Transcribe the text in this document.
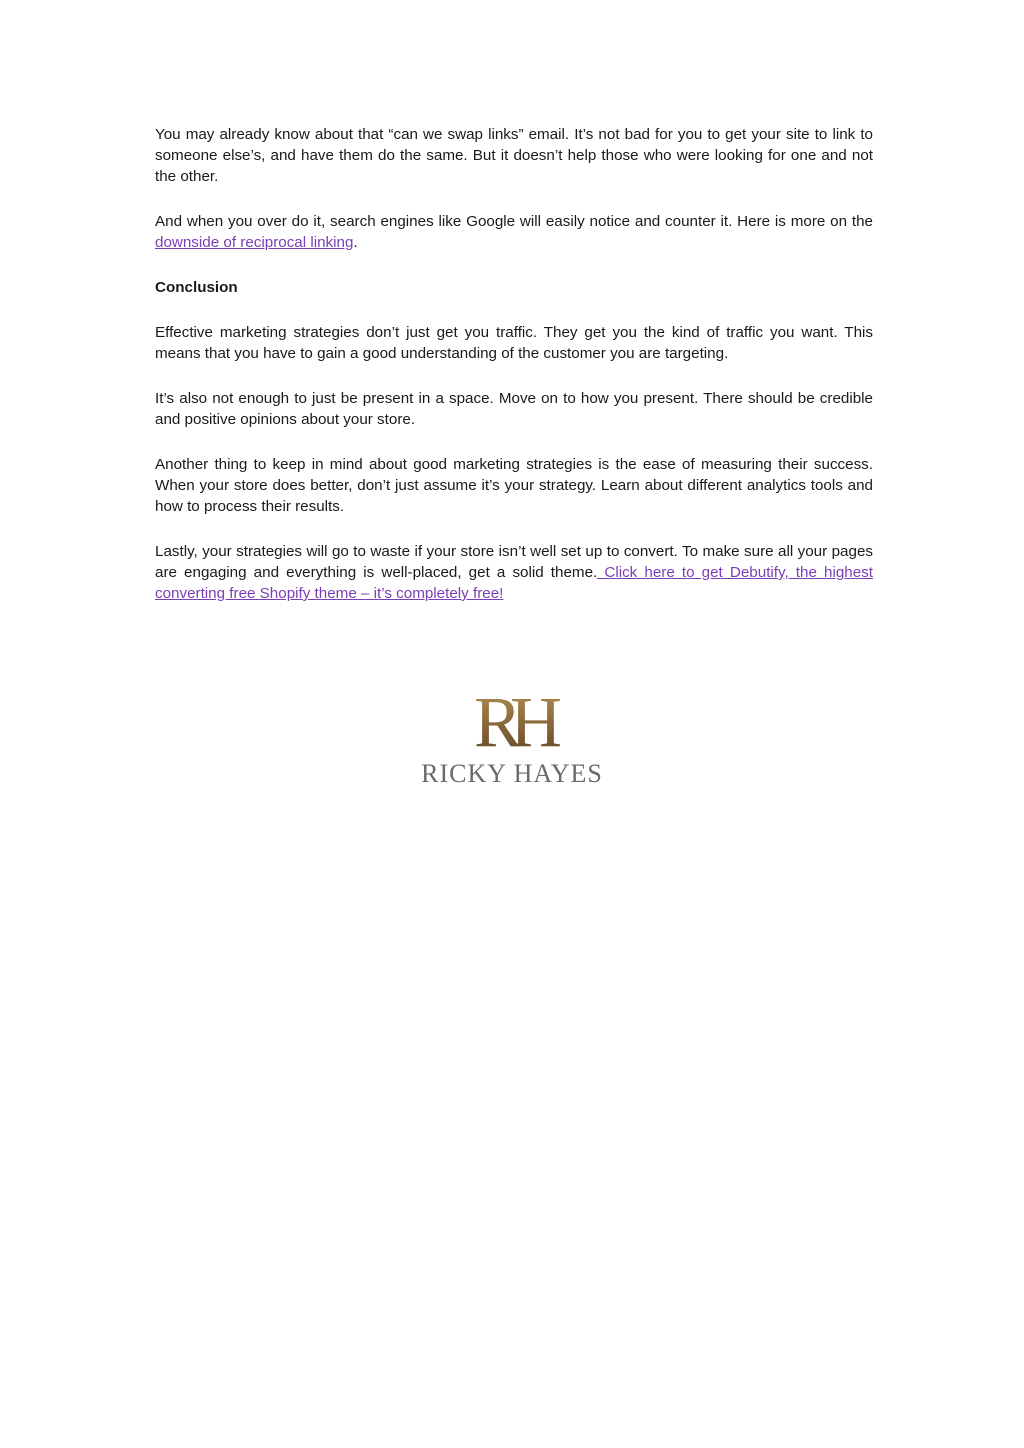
You may already know about that “can we swap links” email. It’s not bad for you to get your site to link to someone else’s, and have them do the same. But it doesn’t help those who were looking for one and not the other.

And when you over do it, search engines like Google will easily notice and counter it. Here is more on the downside of reciprocal linking.

Conclusion

Effective marketing strategies don’t just get you traffic. They get you the kind of traffic you want. This means that you have to gain a good understanding of the customer you are targeting.

It’s also not enough to just be present in a space. Move on to how you present. There should be credible and positive opinions about your store.

Another thing to keep in mind about good marketing strategies is the ease of measuring their success. When your store does better, don’t just assume it’s your strategy. Learn about different analytics tools and how to process their results.

Lastly, your strategies will go to waste if your store isn’t well set up to convert. To make sure all your pages are engaging and everything is well-placed, get a solid theme. Click here to get Debutify, the highest converting free Shopify theme – it’s completely free!

RH
RICKY HAYES
